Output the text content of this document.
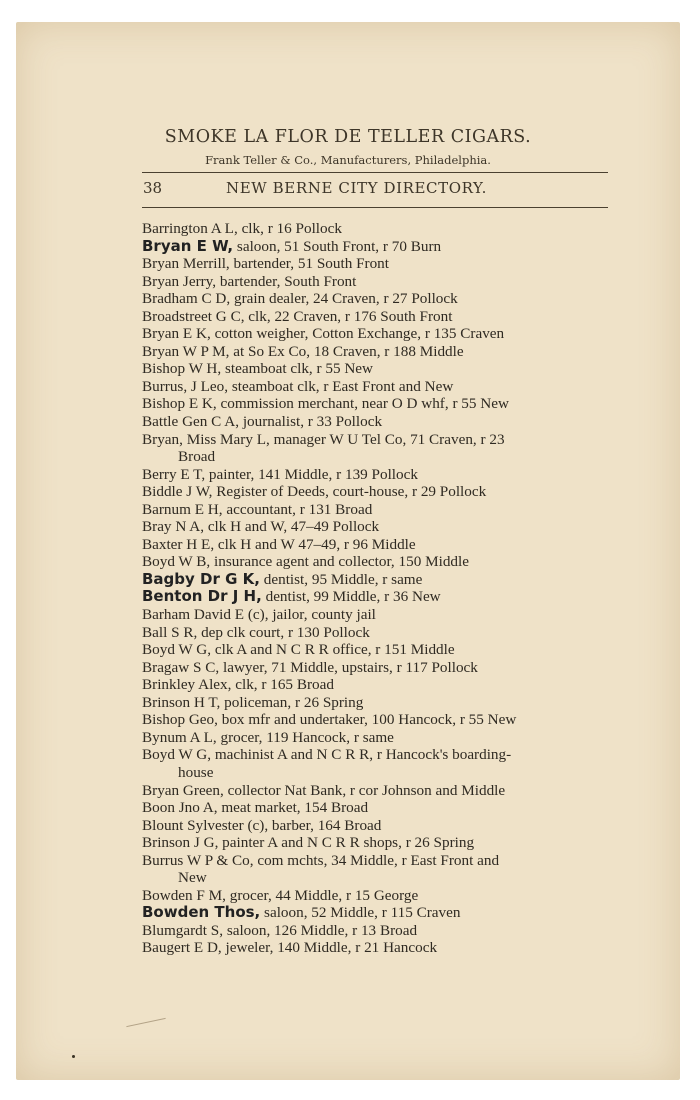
SMOKE LA FLOR DE TELLER CIGARS.
Frank Teller & Co., Manufacturers, Philadelphia.
38	NEW BERNE CITY DIRECTORY.
Barrington A L, clk, r 16 Pollock
Bryan E W, saloon, 51 South Front, r 70 Burn
Bryan Merrill, bartender, 51 South Front
Bryan Jerry, bartender, South Front
Bradham C D, grain dealer, 24 Craven, r 27 Pollock
Broadstreet G C, clk, 22 Craven, r 176 South Front
Bryan E K, cotton weigher, Cotton Exchange, r 135 Craven
Bryan W P M, at So Ex Co, 18 Craven, r 188 Middle
Bishop W H, steamboat clk, r 55 New
Burrus, J Leo, steamboat clk, r East Front and New
Bishop E K, commission merchant, near O D whf, r 55 New
Battle Gen C A, journalist, r 33 Pollock
Bryan, Miss Mary L, manager W U Tel Co, 71 Craven, r 23
Broad
Berry E T, painter, 141 Middle, r 139 Pollock
Biddle J W, Register of Deeds, court-house, r 29 Pollock
Barnum E H, accountant, r 131 Broad
Bray N A, clk H and W, 47–49 Pollock
Baxter H E, clk H and W 47–49, r 96 Middle
Boyd W B, insurance agent and collector, 150 Middle
Bagby Dr G K, dentist, 95 Middle, r same
Benton Dr J H, dentist, 99 Middle, r 36 New
Barham David E (c), jailor, county jail
Ball S R, dep clk court, r 130 Pollock
Boyd W G, clk A and N C R R office, r 151 Middle
Bragaw S C, lawyer, 71 Middle, upstairs, r 117 Pollock
Brinkley Alex, clk, r 165 Broad
Brinson H T, policeman, r 26 Spring
Bishop Geo, box mfr and undertaker, 100 Hancock, r 55 New
Bynum A L, grocer, 119 Hancock, r same
Boyd W G, machinist A and N C R R, r Hancock's boarding-
house
Bryan Green, collector Nat Bank, r cor Johnson and Middle
Boon Jno A, meat market, 154 Broad
Blount Sylvester (c), barber, 164 Broad
Brinson J G, painter A and N C R R shops, r 26 Spring
Burrus W P & Co, com mchts, 34 Middle, r East Front and
New
Bowden F M, grocer, 44 Middle, r 15 George
Bowden Thos, saloon, 52 Middle, r 115 Craven
Blumgardt S, saloon, 126 Middle, r 13 Broad
Baugert E D, jeweler, 140 Middle, r 21 Hancock
